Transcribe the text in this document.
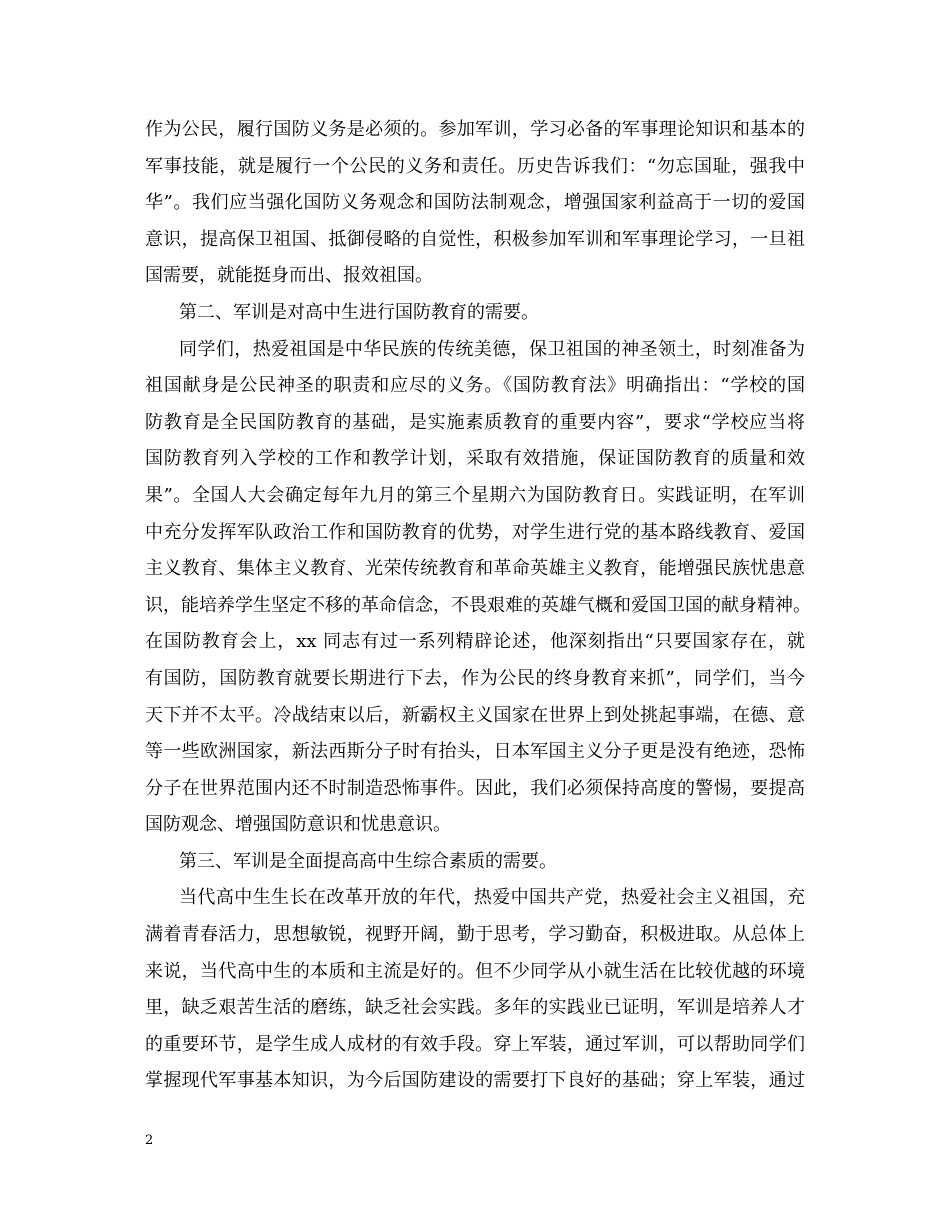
作为公民，履行国防义务是必须的。参加军训，学习必备的军事理论知识和基本的
军事技能，就是履行一个公民的义务和责任。历史告诉我们：“勿忘国耻，强我中
华”。我们应当强化国防义务观念和国防法制观念，增强国家利益高于一切的爱国
意识，提高保卫祖国、抵御侵略的自觉性，积极参加军训和军事理论学习，一旦祖
国需要，就能挺身而出、报效祖国。
第二、军训是对高中生进行国防教育的需要。
同学们，热爱祖国是中华民族的传统美德，保卫祖国的神圣领土，时刻准备为
祖国献身是公民神圣的职责和应尽的义务。《国防教育法》明确指出：“学校的国
防教育是全民国防教育的基础，是实施素质教育的重要内容”，要求“学校应当将
国防教育列入学校的工作和教学计划，采取有效措施，保证国防教育的质量和效
果”。全国人大会确定每年九月的第三个星期六为国防教育日。实践证明，在军训
中充分发挥军队政治工作和国防教育的优势，对学生进行党的基本路线教育、爱国
主义教育、集体主义教育、光荣传统教育和革命英雄主义教育，能增强民族忧患意
识，能培养学生坚定不移的革命信念，不畏艰难的英雄气概和爱国卫国的献身精神。
在国防教育会上，xx 同志有过一系列精辟论述，他深刻指出“只要国家存在，就
有国防，国防教育就要长期进行下去，作为公民的终身教育来抓”，同学们，当今
天下并不太平。冷战结束以后，新霸权主义国家在世界上到处挑起事端，在德、意
等一些欧洲国家，新法西斯分子时有抬头，日本军国主义分子更是没有绝迹，恐怖
分子在世界范围内还不时制造恐怖事件。因此，我们必须保持高度的警惕，要提高
国防观念、增强国防意识和忧患意识。
第三、军训是全面提高高中生综合素质的需要。
当代高中生生长在改革开放的年代，热爱中国共产党，热爱社会主义祖国，充
满着青春活力，思想敏锐，视野开阔，勤于思考，学习勤奋，积极进取。从总体上
来说，当代高中生的本质和主流是好的。但不少同学从小就生活在比较优越的环境
里，缺乏艰苦生活的磨练，缺乏社会实践。多年的实践业已证明，军训是培养人才
的重要环节，是学生成人成材的有效手段。穿上军装，通过军训，可以帮助同学们
掌握现代军事基本知识，为今后国防建设的需要打下良好的基础；穿上军装，通过
2
